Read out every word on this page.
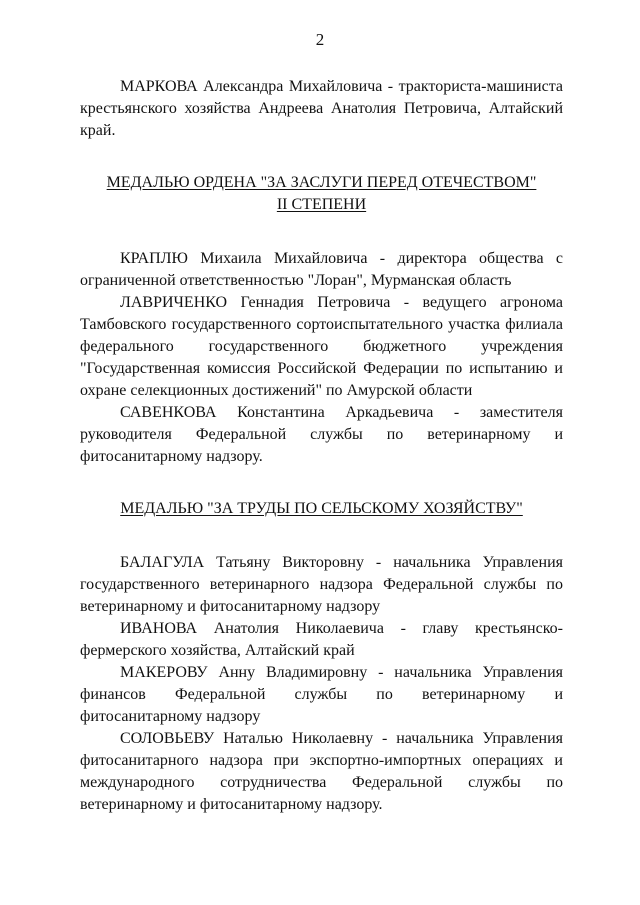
2

МАРКОВА Александра Михайловича - тракториста-машиниста крестьянского хозяйства Андреева Анатолия Петровича, Алтайский край.

МЕДАЛЬЮ ОРДЕНА "ЗА ЗАСЛУГИ ПЕРЕД ОТЕЧЕСТВОМ"
II СТЕПЕНИ

КРАПЛЮ Михаила Михайловича - директора общества с ограниченной ответственностью "Лоран", Мурманская область

ЛАВРИЧЕНКО Геннадия Петровича - ведущего агронома Тамбовского государственного сортоиспытательного участка филиала федерального государственного бюджетного учреждения "Государственная комиссия Российской Федерации по испытанию и охране селекционных достижений" по Амурской области

САВЕНКОВА Константина Аркадьевича - заместителя руководителя Федеральной службы по ветеринарному и фитосанитарному надзору.

МЕДАЛЬЮ "ЗА ТРУДЫ ПО СЕЛЬСКОМУ ХОЗЯЙСТВУ"

БАЛАГУЛА Татьяну Викторовну - начальника Управления государственного ветеринарного надзора Федеральной службы по ветеринарному и фитосанитарному надзору

ИВАНОВА Анатолия Николаевича - главу крестьянско-фермерского хозяйства, Алтайский край

МАКЕРОВУ Анну Владимировну - начальника Управления финансов Федеральной службы по ветеринарному и фитосанитарному надзору

СОЛОВЬЕВУ Наталью Николаевну - начальника Управления фитосанитарного надзора при экспортно-импортных операциях и международного сотрудничества Федеральной службы по ветеринарному и фитосанитарному надзору.
